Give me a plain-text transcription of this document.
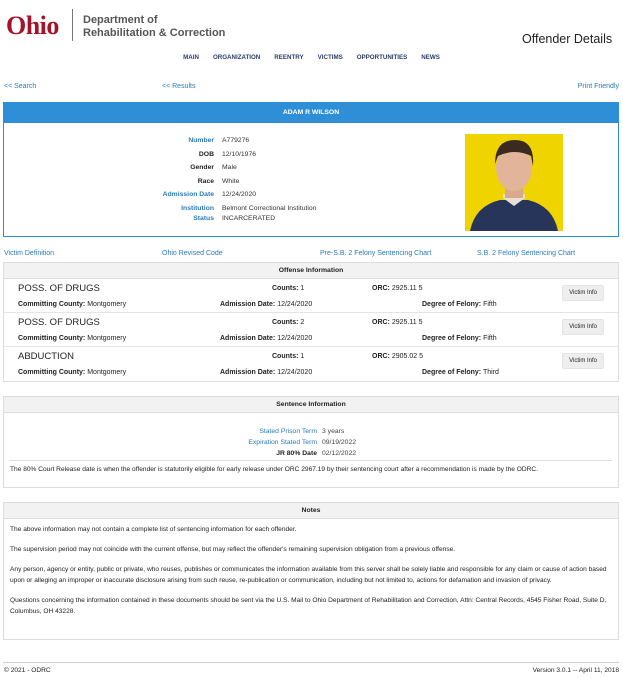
Ohio Department of
Rehabilitation & Correction	Offender Details
MAIN ORGANIZATION REENTRY VICTIMS OPPORTUNITIES NEWS
<< Search	<< Results	Print Friendly
ADAM R WILSON
Number A779276
DOB 12/10/1976
Gender Male
Race White
Admission Date 12/24/2020
Institution Belmont Correctional Institution
Status INCARCERATED
Victim Definition	Ohio Revised Code	Pre-S.B. 2 Felony Sentencing Chart	S.B. 2 Felony Sentencing Chart
Offense Information
POSS. OF DRUGS	Counts: 1	ORC: 2925.11 5
Victim Info
Committing County: Montgomery	Admission Date: 12/24/2020	Degree of Felony: Fifth
POSS. OF DRUGS	Counts: 2	ORC: 2925.11 5
Victim Info
Committing County: Montgomery	Admission Date: 12/24/2020	Degree of Felony: Fifth
ABDUCTION	Counts: 1	ORC: 2905.02 5
Victim Info
Committing County: Montgomery	Admission Date: 12/24/2020	Degree of Felony: Third
Sentence Information
Stated Prison Term 3 years
Expiration Stated Term 09/19/2022
JR 80% Date 02/12/2022
The 80% Court Release date is when the offender is statutorily eligible for early release under ORC 2967.19 by their sentencing court after a recommendation is made by the ODRC.
Notes

The above information may not contain a complete list of sentencing information for each offender.

The supervision period may not coincide with the current offense, but may reflect the offender's remaining supervision obligation from a previous offense.

Any person, agency or entity, public or private, who reuses, publishes or communicates the information available from this server shall be solely liable and responsible for any claim or cause of action based upon or alleging an improper or inaccurate disclosure arising from such reuse, re-publication or communication, including but not limited to, actions for defamation and invasion of privacy.

Questions concerning the information contained in these documents should be sent via the U.S. Mail to Ohio Department of Rehabilitation and Correction, Attn: Central Records, 4545 Fisher Road, Suite D, Columbus, OH 43228.

© 2021 - ODRC	Version 3.0.1 -- April 11, 2018
